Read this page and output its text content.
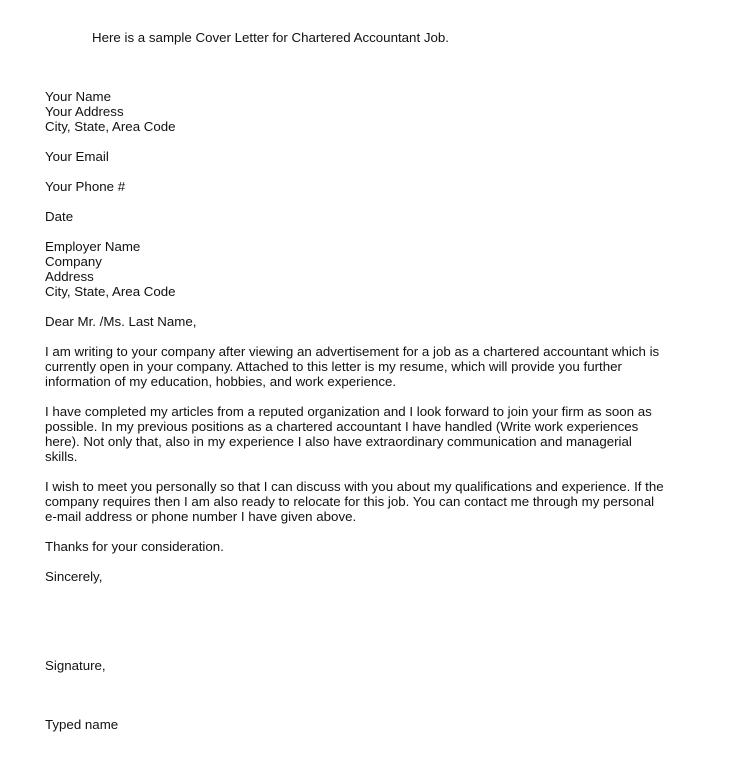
Here is a sample Cover Letter for Chartered Accountant Job.
Your Name
Your Address
City, State, Area Code
Your Email
Your Phone #
Date
Employer Name
Company
Address
City, State, Area Code
Dear Mr. /Ms. Last Name,
I am writing to your company after viewing an advertisement for a job as a chartered accountant which is
currently open in your company. Attached to this letter is my resume, which will provide you further
information of my education, hobbies, and work experience.
I have completed my articles from a reputed organization and I look forward to join your firm as soon as
possible. In my previous positions as a chartered accountant I have handled (Write work experiences
here). Not only that, also in my experience I also have extraordinary communication and managerial
skills.
I wish to meet you personally so that I can discuss with you about my qualifications and experience. If the
company requires then I am also ready to relocate for this job. You can contact me through my personal
e-mail address or phone number I have given above.
Thanks for your consideration.
Sincerely,
Signature,
Typed name
